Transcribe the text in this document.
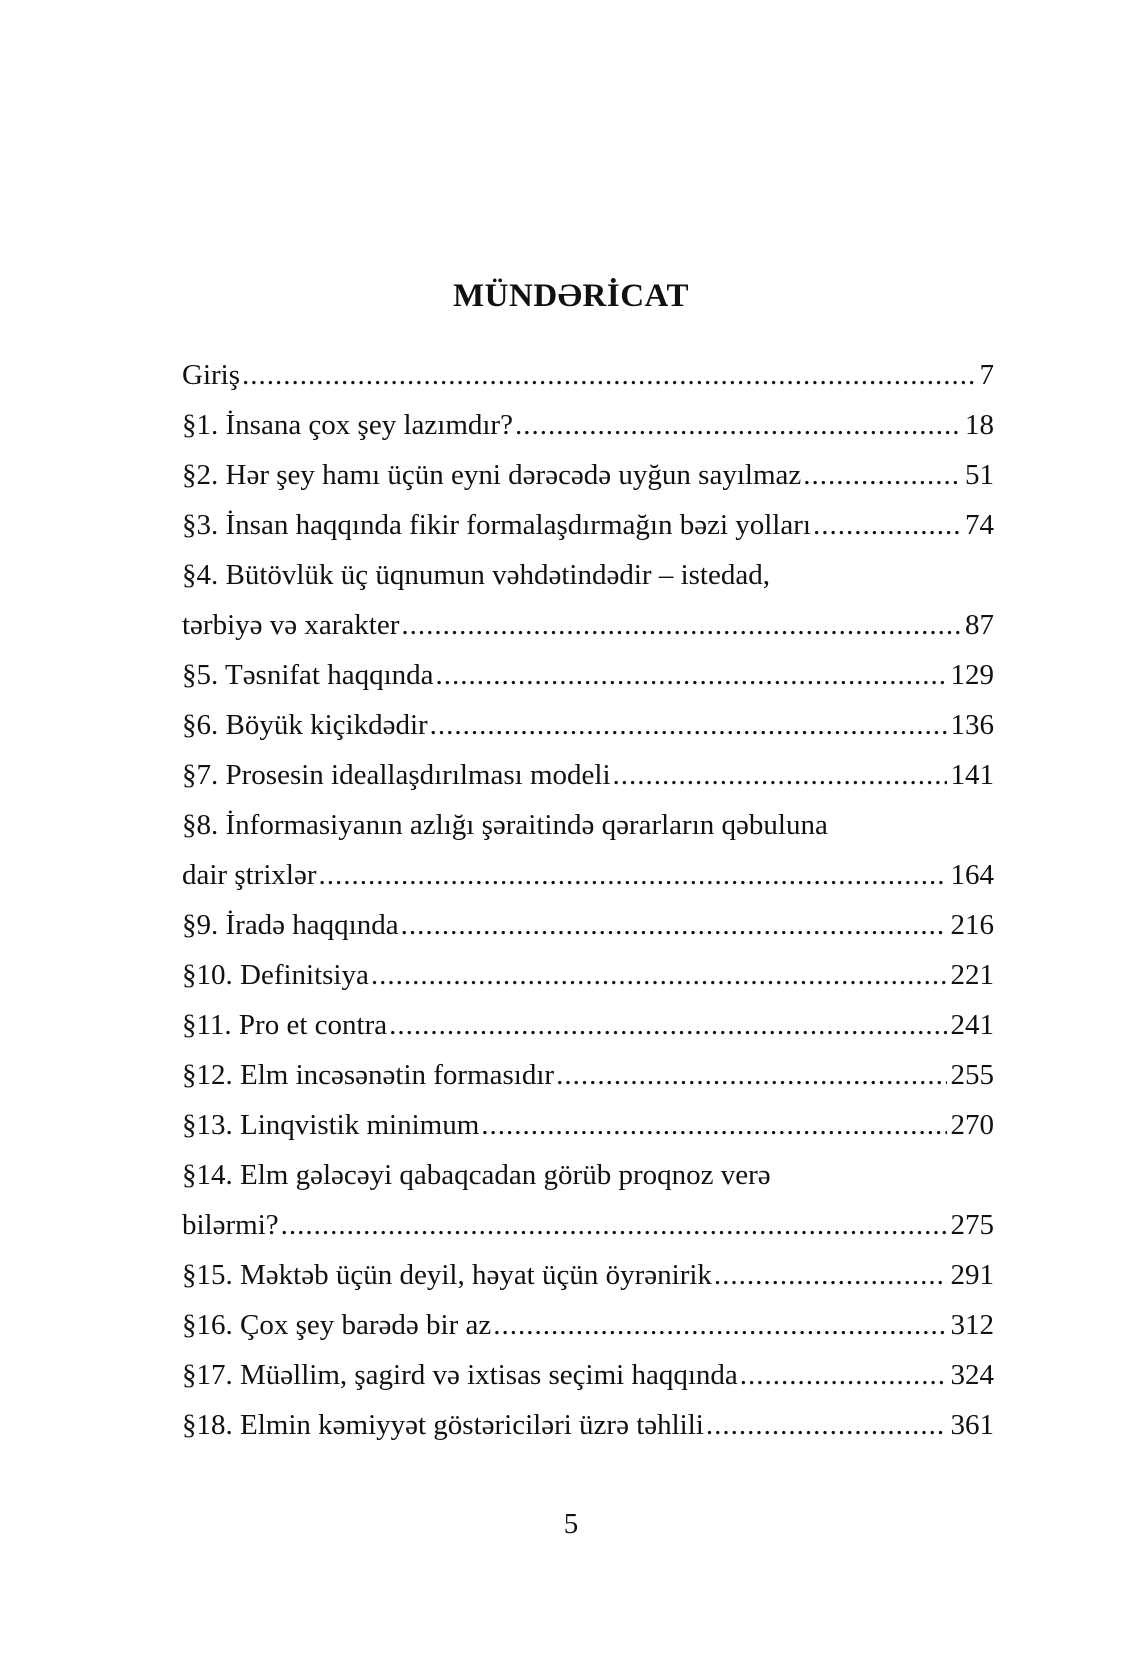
MÜNDƏRİCAT
Giriş .....	7
§1. İnsana çox şey lazımdır? .....	18
§2. Hər şey hamı üçün eyni dərəcədə uyğun sayılmaz .....	51
§3. İnsan haqqında fikir formalaşdırmağın bəzi yolları .....	74
§4. Bütövlük üç üqnumun vəhdətindədir – istedad,
tərbiyə və xarakter .....	87
§5. Təsnifat haqqında .....	129
§6. Böyük kiçikdədir .....	136
§7. Prosesin ideallaşdırılması modeli .....	141
§8. İnformasiyanın azlığı şəraitində qərarların qəbuluna
dair ştrixlər .....	164
§9. İradə haqqında .....	216
§10. Definitsiya .....	221
§11. Pro et contra .....	241
§12. Elm incəsənətin formasıdır .....	255
§13. Linqvistik minimum .....	270
§14. Elm gələcəyi qabaqcadan görüb proqnoz verə
bilərmi? .....	275
§15. Məktəb üçün deyil, həyat üçün öyrənirik .....	291
§16. Çox şey barədə bir az .....	312
§17. Müəllim, şagird və ixtisas seçimi haqqında .....	324
§18. Elmin kəmiyyət göstəriciləri üzrə təhlili .....	361
5
